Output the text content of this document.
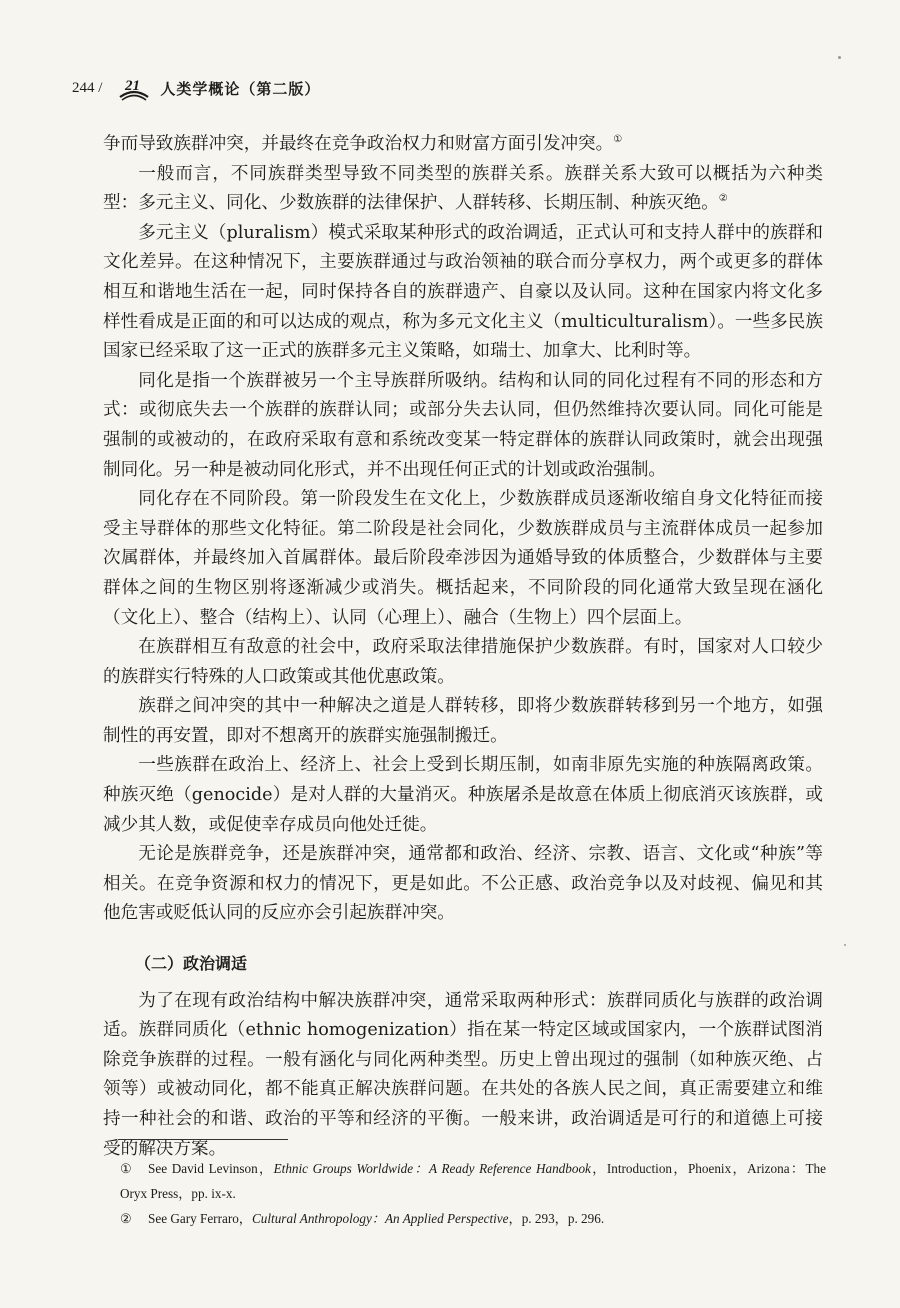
244 / 21 人类学概论（第二版）

争而导致族群冲突，并最终在竞争政治权力和财富方面引发冲突。①

一般而言，不同族群类型导致不同类型的族群关系。族群关系大致可以概括为六种类型：多元主义、同化、少数族群的法律保护、人群转移、长期压制、种族灭绝。②

多元主义（pluralism）模式采取某种形式的政治调适，正式认可和支持人群中的族群和文化差异。在这种情况下，主要族群通过与政治领袖的联合而分享权力，两个或更多的群体相互和谐地生活在一起，同时保持各自的族群遗产、自豪以及认同。这种在国家内将文化多样性看成是正面的和可以达成的观点，称为多元文化主义（multiculturalism）。一些多民族国家已经采取了这一正式的族群多元主义策略，如瑞士、加拿大、比利时等。

同化是指一个族群被另一个主导族群所吸纳。结构和认同的同化过程有不同的形态和方式：或彻底失去一个族群的族群认同；或部分失去认同，但仍然维持次要认同。同化可能是强制的或被动的，在政府采取有意和系统改变某一特定群体的族群认同政策时，就会出现强制同化。另一种是被动同化形式，并不出现任何正式的计划或政治强制。

同化存在不同阶段。第一阶段发生在文化上，少数族群成员逐渐收缩自身文化特征而接受主导群体的那些文化特征。第二阶段是社会同化，少数族群成员与主流群体成员一起参加次属群体，并最终加入首属群体。最后阶段牵涉因为通婚导致的体质整合，少数群体与主要群体之间的生物区别将逐渐减少或消失。概括起来，不同阶段的同化通常大致呈现在涵化（文化上）、整合（结构上）、认同（心理上）、融合（生物上）四个层面上。

在族群相互有敌意的社会中，政府采取法律措施保护少数族群。有时，国家对人口较少的族群实行特殊的人口政策或其他优惠政策。

族群之间冲突的其中一种解决之道是人群转移，即将少数族群转移到另一个地方，如强制性的再安置，即对不想离开的族群实施强制搬迁。

一些族群在政治上、经济上、社会上受到长期压制，如南非原先实施的种族隔离政策。种族灭绝（genocide）是对人群的大量消灭。种族屠杀是故意在体质上彻底消灭该族群，或减少其人数，或促使幸存成员向他处迁徙。

无论是族群竞争，还是族群冲突，通常都和政治、经济、宗教、语言、文化或“种族”等相关。在竞争资源和权力的情况下，更是如此。不公正感、政治竞争以及对歧视、偏见和其他危害或贬低认同的反应亦会引起族群冲突。

（二）政治调适

为了在现有政治结构中解决族群冲突，通常采取两种形式：族群同质化与族群的政治调适。族群同质化（ethnic homogenization）指在某一特定区域或国家内，一个族群试图消除竞争族群的过程。一般有涵化与同化两种类型。历史上曾出现过的强制（如种族灭绝、占领等）或被动同化，都不能真正解决族群问题。在共处的各族人民之间，真正需要建立和维持一种社会的和谐、政治的平等和经济的平衡。一般来讲，政治调适是可行的和道德上可接受的解决方案。

① See David Levinson，Ethnic Groups Worldwide：A Ready Reference Handbook，Introduction，Phoenix，Arizona：The Oryx Press，pp. ix-x.

② See Gary Ferraro，Cultural Anthropology：An Applied Perspective，p. 293，p. 296.
